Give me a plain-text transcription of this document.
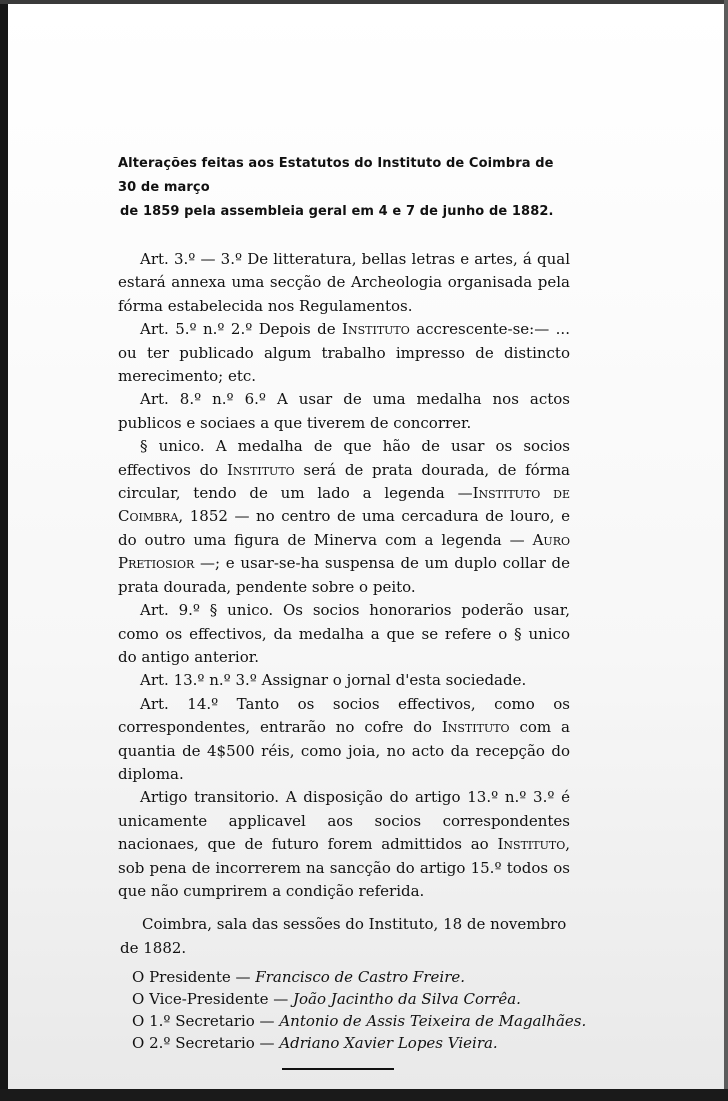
Alterações feitas aos Estatutos do Instituto de Coimbra de 30 de março
de 1859 pela assembleia geral em 4 e 7 de junho de 1882.

Art. 3.º — 3.º De litteratura, bellas letras e artes, á qual estará annexa uma secção de Archeologia organisada pela fórma estabelecida nos Regulamentos.

Art. 5.º n.º 2.º Depois de Instituto accrescente-se:— ... ou ter publicado algum trabalho impresso de distincto merecimento; etc.

Art. 8.º n.º 6.º A usar de uma medalha nos actos publicos e sociaes a que tiverem de concorrer.

§ unico. A medalha de que hão de usar os socios effectivos do Instituto será de prata dourada, de fórma circular, tendo de um lado a legenda —Instituto de Coimbra, 1852 — no centro de uma cercadura de louro, e do outro uma figura de Minerva com a legenda — Auro Pretiosior —; e usar-se-ha suspensa de um duplo collar de prata dourada, pendente sobre o peito.

Art. 9.º § unico. Os socios honorarios poderão usar, como os effectivos, da medalha a que se refere o § unico do antigo anterior.

Art. 13.º n.º 3.º Assignar o jornal d'esta sociedade.

Art. 14.º Tanto os socios effectivos, como os correspondentes, entrarão no cofre do Instituto com a quantia de 4$500 réis, como joia, no acto da recepção do diploma.

Artigo transitorio. A disposição do artigo 13.º n.º 3.º é unicamente applicavel aos socios correspondentes nacionaes, que de futuro forem admittidos ao Instituto, sob pena de incorrerem na sancção do artigo 15.º todos os que não cumprirem a condição referida.

Coimbra, sala das sessões do Instituto, 18 de novembro de 1882.

O Presidente — Francisco de Castro Freire.
O Vice-Presidente — João Jacintho da Silva Corrêa.
O 1.º Secretario — Antonio de Assis Teixeira de Magalhães.
O 2.º Secretario — Adriano Xavier Lopes Vieira.
